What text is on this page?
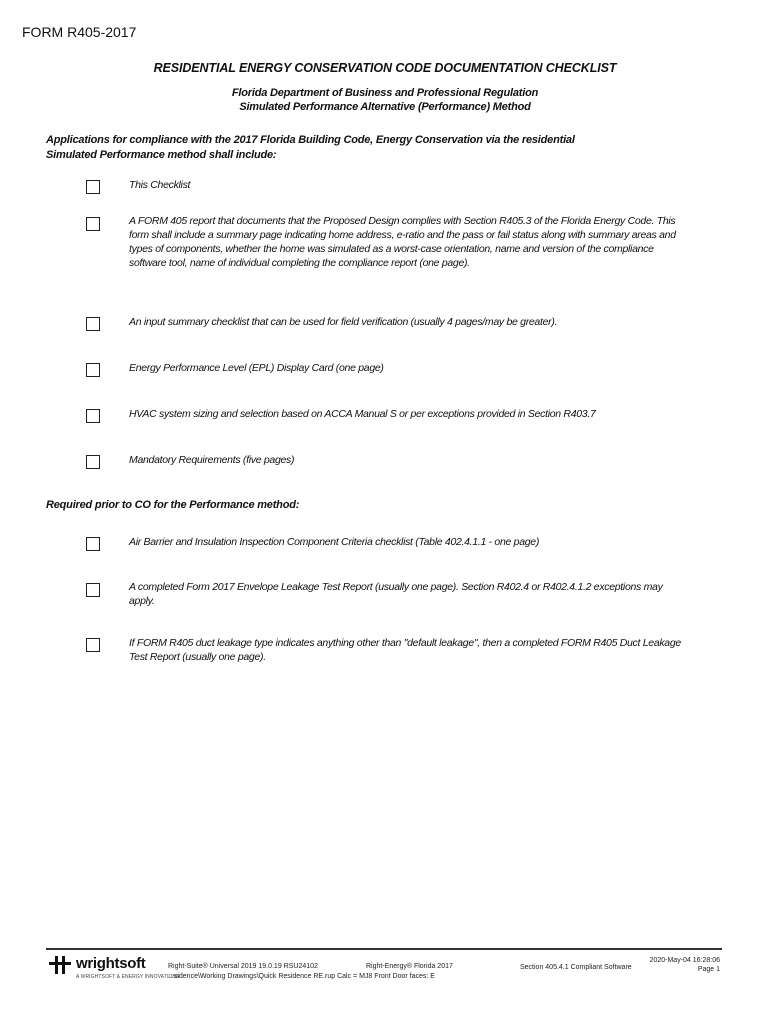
FORM R405-2017
RESIDENTIAL ENERGY CONSERVATION CODE DOCUMENTATION CHECKLIST
Florida Department of Business and Professional Regulation
Simulated Performance Alternative (Performance) Method
Applications for compliance with the 2017 Florida Building Code, Energy Conservation via the residential Simulated Performance method shall include:
This Checklist
A FORM 405 report that documents that the Proposed Design complies with Section R405.3 of the Florida Energy Code. This form shall include a summary page indicating home address, e-ratio and the pass or fail status along with summary areas and types of components, whether the home was simulated as a worst-case orientation, name and version of the compliance software tool, name of individual completing the compliance report (one page).
An input summary checklist that can be used for field verification (usually 4 pages/may be greater).
Energy Performance Level (EPL) Display Card (one page)
HVAC system sizing and selection based on ACCA Manual S or per exceptions provided in Section R403.7
Mandatory Requirements (five pages)
Required prior to CO for the Performance method:
Air Barrier and Insulation Inspection Component Criteria checklist (Table 402.4.1.1 - one page)
A completed Form 2017 Envelope Leakage Test Report (usually one page). Section R402.4 or R402.4.1.2 exceptions may apply.
If FORM R405 duct leakage type indicates anything other than "default leakage", then a completed FORM R405 Duct Leakage Test Report (usually one page).
wrightsoft
A WRIGHTSOFT & ENERGY INNOVATIONS
Right-Suite® Universal 2019 19.0.19 RSU24102	Right-Energy® Florida 2017
...sidence\Working Drawings\Quick Residence RE.rup Calc = MJ8 Front Door faces: E
Section 405.4.1 Compliant Software
2020-May-04 16:28:06
Page 1
